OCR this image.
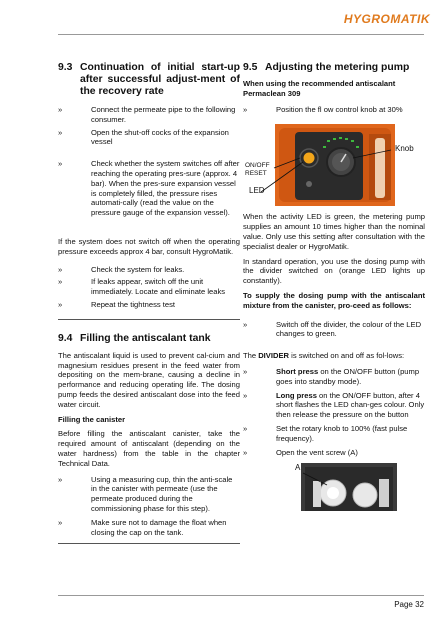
HYGROMATIK
9.3 Continuation of initial start-up after successful adjust-ment of the recovery rate
»	Connect the permeate pipe to the following consumer.
»	Open the shut-off cocks of the expansion vessel
»	Check whether the system switches off after reaching the operating pres-sure (approx. 4 bar). When the pres-sure expansion vessel is completely filled, the pressure rises automati-cally (read the value on the pressure gauge of the expansion vessel).

If the system does not switch off when the operating pressure exceeds approx 4 bar, consult HygroMatik.

»	Check the system for leaks.
»	If leaks appear, switch off the unit immediately. Locate and eliminate leaks
»	Repeat the tightness test
9.4 Filling the antiscalant tank

The antiscalant liquid is used to prevent cal-cium and magnesium residues present in the feed water from depositing on the mem-brane, causing a decline in performance and reducing operating life. The dosing pump feeds the desired antiscalant dose into the feed water circuit.

Filling the canister

Before filling the antiscalant canister, take the required amount of antiscalant (depending on the water hardness) from the table in the chapter Technical Data.

»	Using a measuring cup, thin the anti-scale in the canister with permeate (use the permeate produced during the commissioning phase for this step).
»	Make sure not to damage the float when closing the cap on the tank.
9.5 Adjusting the metering pump

When using the recommended antiscalant Permaclean 309

»	Position the fl ow control knob at 30%
ON/OFF
RESET
LED
Knob

When the activity LED is green, the metering pump supplies an amount 10 times higher than the nominal value. Only use this setting after consultation with the specialist dealer or HygroMatik.

In standard operation, you use the dosing pump with the divider switched on (orange LED lights up constantly).

To supply the dosing pump with the antiscalant mixture from the canister, pro-ceed as follows:

»	Switch off the divider, the colour of the LED changes to green.

The DIVIDER is switched on and off as fol-lows:

»	Short press on the ON/OFF button (pump goes into standby mode).
»	Long press on the ON/OFF button, after 4 short flashes the LED chan-ges colour. Only then release the pressure on the button
»	Set the rotary knob to 100% (fast pulse frequency).
»	Open the vent screw (A)
A
Page 32
